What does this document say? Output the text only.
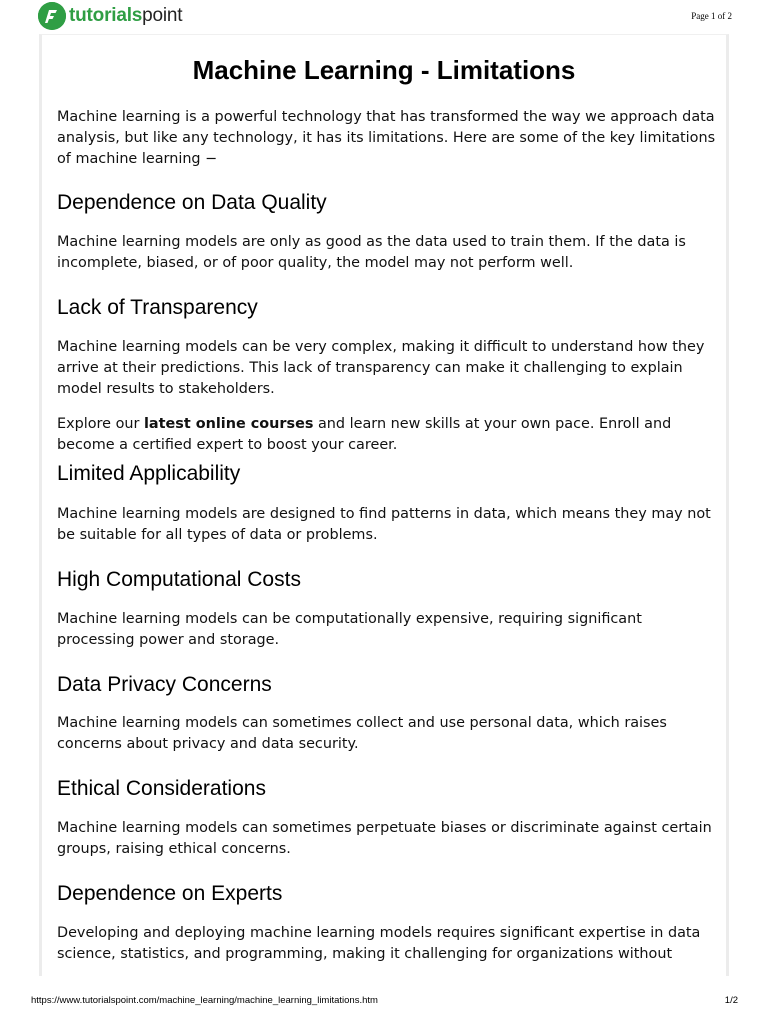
tutorialspoint	Page 1 of 2
Machine Learning - Limitations

Machine learning is a powerful technology that has transformed the way we approach data analysis, but like any technology, it has its limitations. Here are some of the key limitations of machine learning −

Dependence on Data Quality

Machine learning models are only as good as the data used to train them. If the data is incomplete, biased, or of poor quality, the model may not perform well.

Lack of Transparency

Machine learning models can be very complex, making it difficult to understand how they arrive at their predictions. This lack of transparency can make it challenging to explain model results to stakeholders.

Explore our latest online courses and learn new skills at your own pace. Enroll and become a certified expert to boost your career.

Limited Applicability

Machine learning models are designed to find patterns in data, which means they may not be suitable for all types of data or problems.

High Computational Costs

Machine learning models can be computationally expensive, requiring significant processing power and storage.

Data Privacy Concerns

Machine learning models can sometimes collect and use personal data, which raises concerns about privacy and data security.

Ethical Considerations

Machine learning models can sometimes perpetuate biases or discriminate against certain groups, raising ethical concerns.

Dependence on Experts

Developing and deploying machine learning models requires significant expertise in data science, statistics, and programming, making it challenging for organizations without

https://www.tutorialspoint.com/machine_learning/machine_learning_limitations.htm	1/2
